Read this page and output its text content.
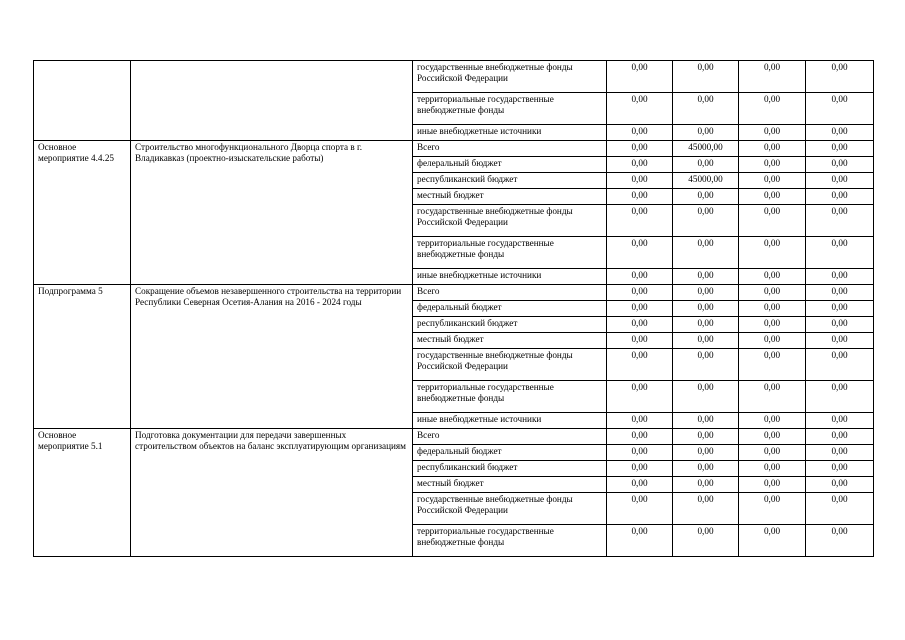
		государственные внебюджетные фонды Российской Федерации	0,00	0,00	0,00	0,00
		территориальные государственные внебюджетные фонды	0,00	0,00	0,00	0,00
		иные внебюджетные источники	0,00	0,00	0,00	0,00
Основное мероприятие 4.4.25	Строительство многофункционального Дворца спорта в г. Владикавказ (проектно-изыскательские работы)	Всего	0,00	45000,00	0,00	0,00
		фелеральный бюджет	0,00	0,00	0,00	0,00
		республиканский бюджет	0,00	45000,00	0,00	0,00
		местный бюджет	0,00	0,00	0,00	0,00
		государственные внебюджетные фонды Российской Федерации	0,00	0,00	0,00	0,00
		территориальные государственные внебюджетные фонды	0,00	0,00	0,00	0,00
		иные внебюджетные источники	0,00	0,00	0,00	0,00
Подпрограмма 5	Сокращение объемов незавершенного строительства на территории Республики Северная Осетия-Алания на 2016 - 2024 годы	Всего	0,00	0,00	0,00	0,00
		федеральный бюджет	0,00	0,00	0,00	0,00
		республиканский бюджет	0,00	0,00	0,00	0,00
		местный бюджет	0,00	0,00	0,00	0,00
		государственные внебюджетные фонды Российской Федерации	0,00	0,00	0,00	0,00
		территориальные государственные внебюджетные фонды	0,00	0,00	0,00	0,00
		иные внебюджетные источники	0,00	0,00	0,00	0,00
Основное мероприятие 5.1	Подготовка документации для передачи завершенных строительством объектов на баланс эксплуатирующим организациям	Всего	0,00	0,00	0,00	0,00
		федеральный бюджет	0,00	0,00	0,00	0,00
		республиканский бюджет	0,00	0,00	0,00	0,00
		местный бюджет	0,00	0,00	0,00	0,00
		государственные внебюджетные фонды Российской Федерации	0,00	0,00	0,00	0,00
		территориальные государственные внебюджетные фонды	0,00	0,00	0,00	0,00
